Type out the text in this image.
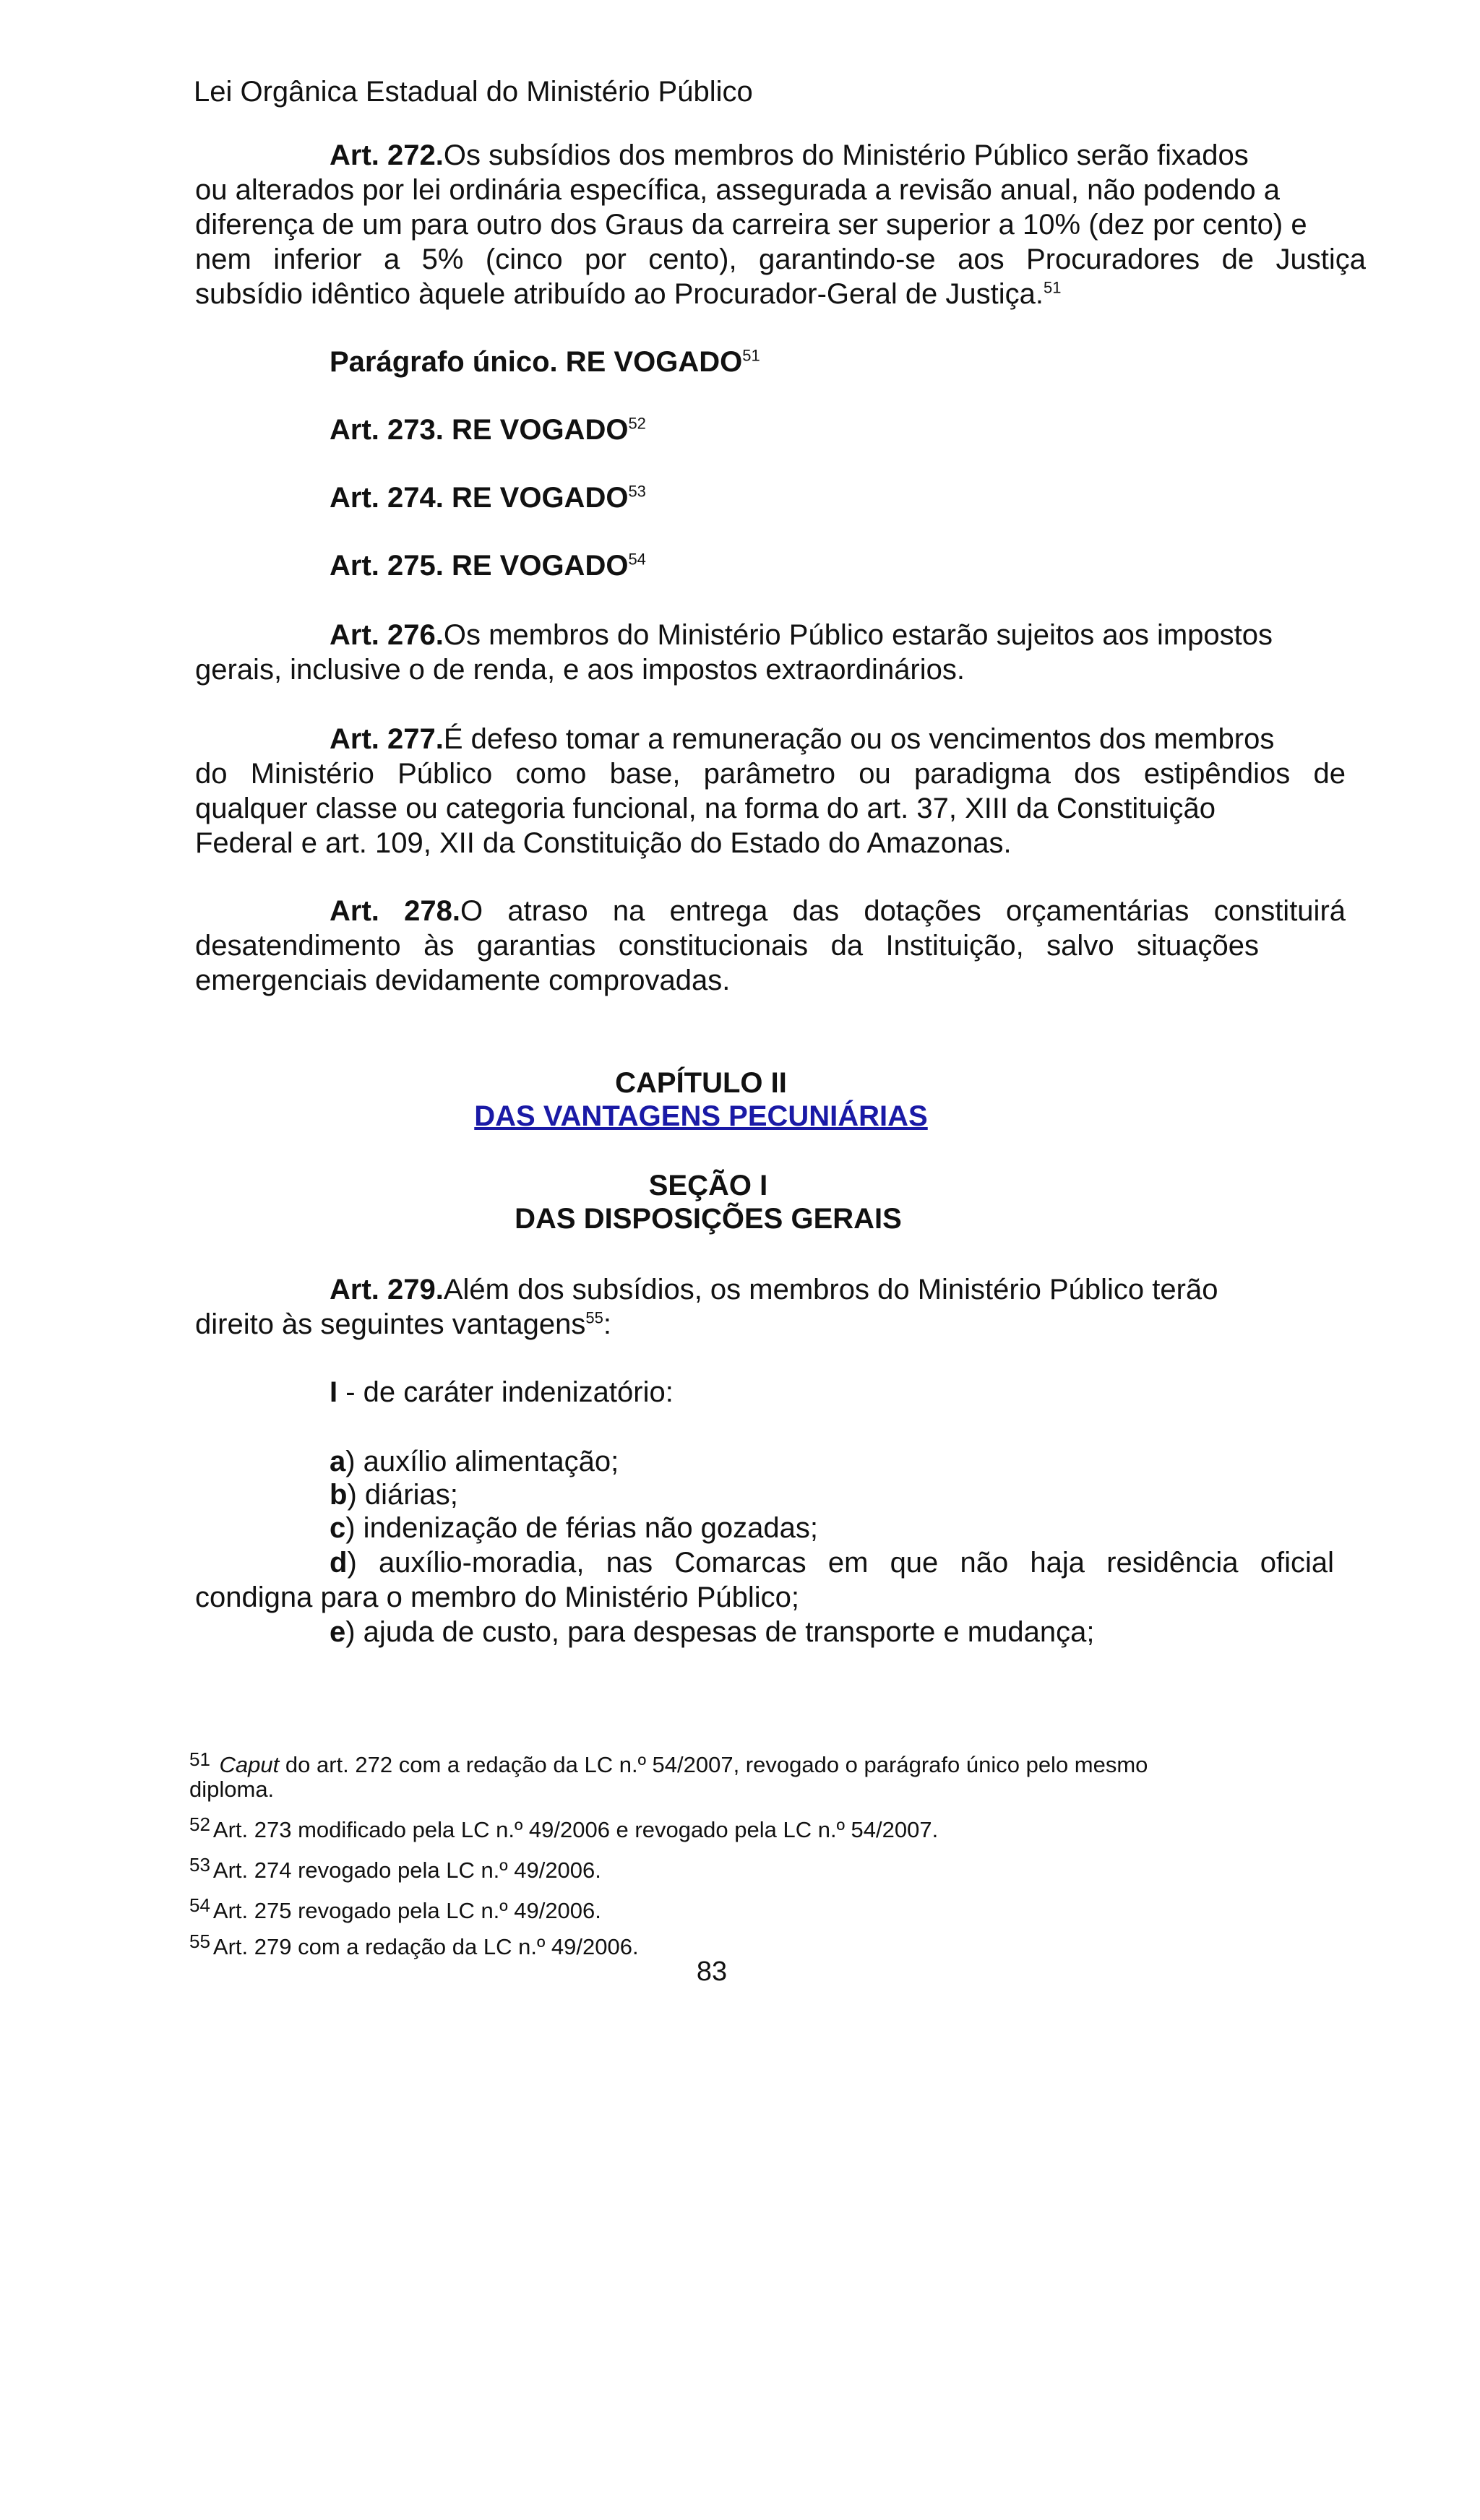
Lei Orgânica Estadual do Ministério Público
Art. 272.Os subsídios dos membros do Ministério Público serão fixados
ou alterados por lei ordinária específica, assegurada a revisão anual, não podendo a
diferença de um para outro dos Graus da carreira ser superior a 10% (dez por cento) e
nem inferior a 5% (cinco por cento), garantindo-se aos Procuradores de Justiça
subsídio idêntico àquele atribuído ao Procurador-Geral de Justiça.$^{51}$
Parágrafo único. RE VOGADO$^{51}$
Art. 273. RE VOGADO$^{52}$
Art. 274. RE VOGADO$^{53}$
Art. 275. RE VOGADO$^{54}$
Art. 276.Os membros do Ministério Público estarão sujeitos aos impostos
gerais, inclusive o de renda, e aos impostos extraordinários.
Art. 277.É defeso tomar a remuneração ou os vencimentos dos membros
do Ministério Público como base, parâmetro ou paradigma dos estipêndios de
qualquer classe ou categoria funcional, na forma do art. 37, XIII da Constituição
Federal e art. 109, XII da Constituição do Estado do Amazonas.
Art. 278.O atraso na entrega das dotações orçamentárias constituirá
desatendimento às garantias constitucionais da Instituição, salvo situações
emergenciais devidamente comprovadas.
CAPÍTULO II
DAS VANTAGENS PECUNIÁRIAS
SEÇÃO I
DAS DISPOSIÇÕES GERAIS
Art. 279.Além dos subsídios, os membros do Ministério Público terão
direito às seguintes vantagens$^{55}$:
I - de caráter indenizatório:
a) auxílio alimentação;
b) diárias;
c) indenização de férias não gozadas;
d) auxílio-moradia, nas Comarcas em que não haja residência oficial
condigna para o membro do Ministério Público;
e) ajuda de custo, para despesas de transporte e mudança;
$^{51}$ Caput do art. 272 com a redação da LC n.º 54/2007, revogado o parágrafo único pelo mesmo
diploma.
$^{52}$ Art. 273 modificado pela LC n.º 49/2006 e revogado pela LC n.º 54/2007.
$^{53}$ Art. 274 revogado pela LC n.º 49/2006.
$^{54}$ Art. 275 revogado pela LC n.º 49/2006.
$^{55}$ Art. 279 com a redação da LC n.º 49/2006.
83
